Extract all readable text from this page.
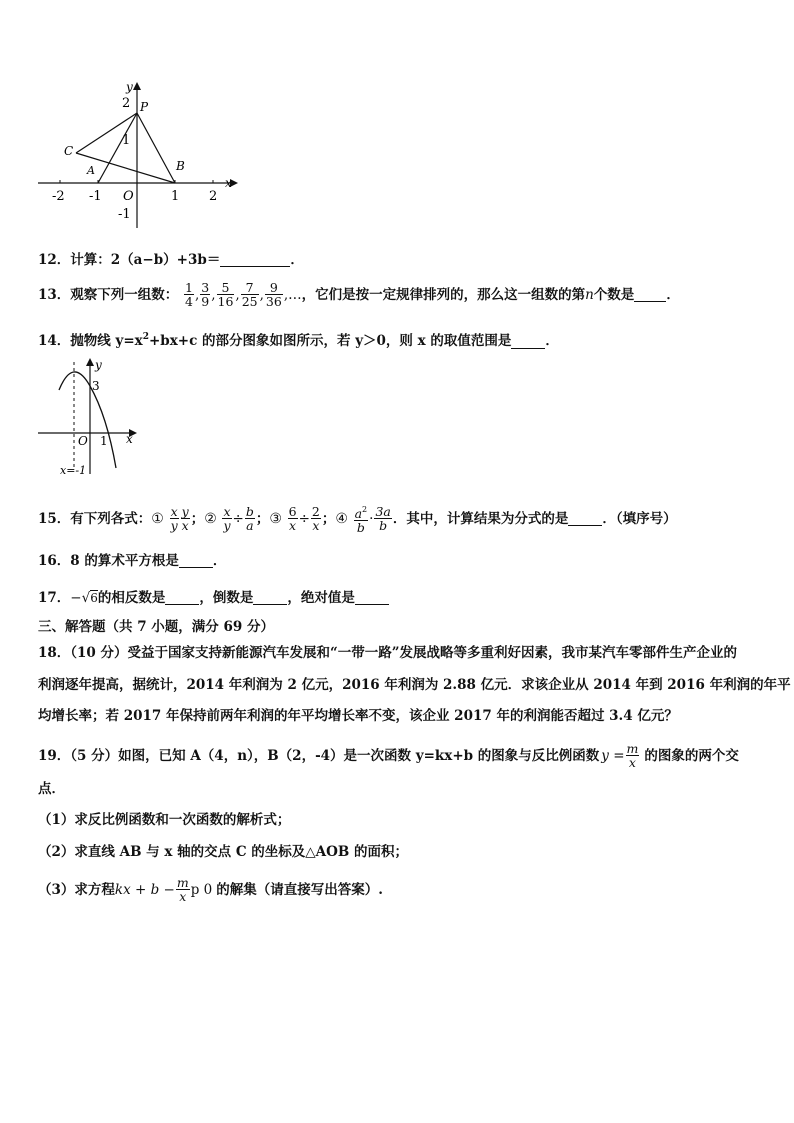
y
x
2 P
1
C
A	B
-2 -1 O	1 2
-1
12．计算：2（a−b）+3b＝	．
13．观察下列一组数： $\frac{1}{4}$ , $\frac{3}{9}$ , $\frac{5}{16}$ , $\frac{7}{25}$ , $\frac{9}{36}$ ,…，它们是按一定规律排列的，那么这一组数的第n个数是 ．
14．抛物线 $y=x^2+bx+c$ 的部分图象如图所示，若 y＞0，则 x 的取值范围是	．
y
3
O 1 x
x=-1
15．有下列各式：① $\frac{x}{y} \frac{y}{x}$ ；② $\frac{x}{y} \div \frac{b}{a}$ ；③ $\frac{6}{x} \div \frac{2}{x}$ ；④ $\frac{a^2}{b} \cdot \frac{3a}{b}$ ．其中，计算结果为分式的是	．（填序号）
16．8 的算术平方根是	．
17．−√6的相反数是	，倒数是	，绝对值是
三、解答题（共 7 小题，满分 69 分）
18．（10 分）受益于国家支持新能源汽车发展和“一带一路”发展战略等多重利好因素，我市某汽车零部件生产企业的
利润逐年提高，据统计，2014 年利润为 2 亿元，2016 年利润为 2.88 亿元．求该企业从 2014 年到 2016 年利润的年平
均增长率；若 2017 年保持前两年利润的年平均增长率不变，该企业 2017 年的利润能否超过 3.4 亿元？
19．（5 分）如图，已知 A（4，n），B（2，-4）是一次函数 y=kx+b 的图象与反比例函数 $y = \frac{m}{x}$ 的图象的两个交
点．
（1）求反比例函数和一次函数的解析式；
（2）求直线 AB 与 x 轴的交点 C 的坐标及△AOB 的面积；
（3）求方程kx + $b - \frac{m}{x}$ p 0 的解集（请直接写出答案）.
